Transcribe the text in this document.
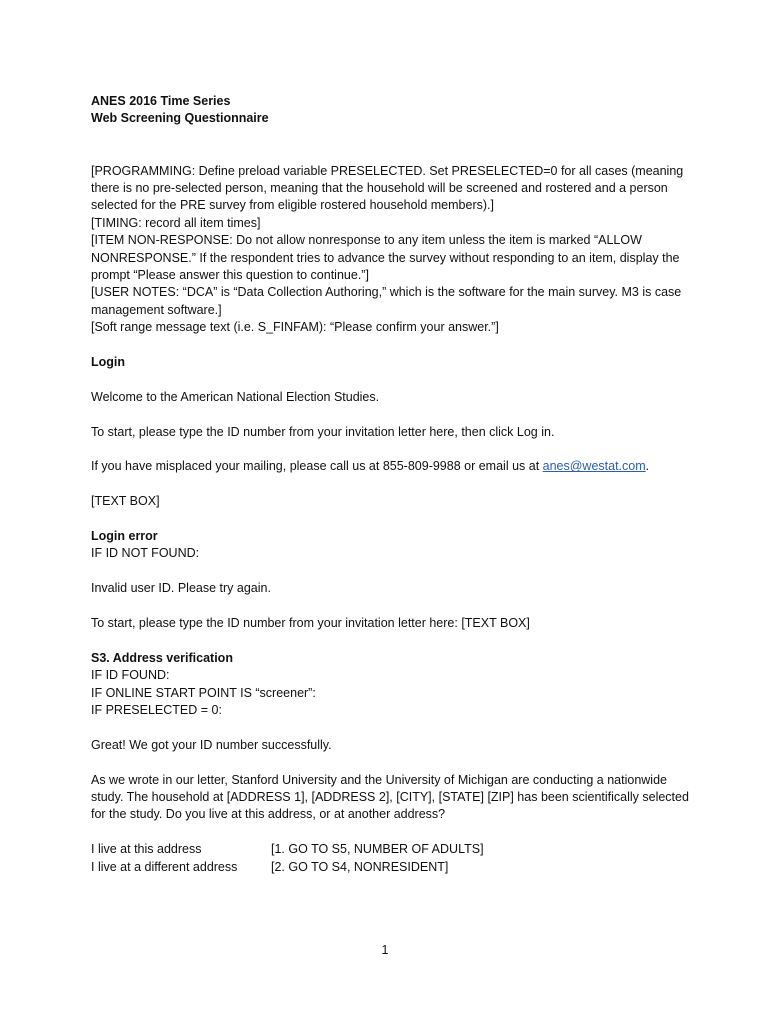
ANES 2016 Time Series

Web Screening Questionnaire

[PROGRAMMING: Define preload variable PRESELECTED. Set PRESELECTED=0 for all cases (meaning there is no pre-selected person, meaning that the household will be screened and rostered and a person selected for the PRE survey from eligible rostered household members).]

[TIMING: record all item times]

[ITEM NON-RESPONSE: Do not allow nonresponse to any item unless the item is marked “ALLOW NONRESPONSE.” If the respondent tries to advance the survey without responding to an item, display the prompt “Please answer this question to continue.”]

[USER NOTES: “DCA” is “Data Collection Authoring,” which is the software for the main survey. M3 is case management software.]

[Soft range message text (i.e. S_FINFAM): “Please confirm your answer.”]

Login

Welcome to the American National Election Studies.

To start, please type the ID number from your invitation letter here, then click Log in.

If you have misplaced your mailing, please call us at 855-809-9988 or email us at anes@westat.com.

[TEXT BOX]

Login error

IF ID NOT FOUND:

Invalid user ID. Please try again.

To start, please type the ID number from your invitation letter here: [TEXT BOX]

S3. Address verification

IF ID FOUND:

IF ONLINE START POINT IS “screener”:

IF PRESELECTED = 0:

Great! We got your ID number successfully.

As we wrote in our letter, Stanford University and the University of Michigan are conducting a nationwide study. The household at [ADDRESS 1], [ADDRESS 2], [CITY], [STATE] [ZIP] has been scientifically selected for the study. Do you live at this address, or at another address?

I live at this address	[1. GO TO S5, NUMBER OF ADULTS]
I live at a different address	[2. GO TO S4, NONRESIDENT]
1
